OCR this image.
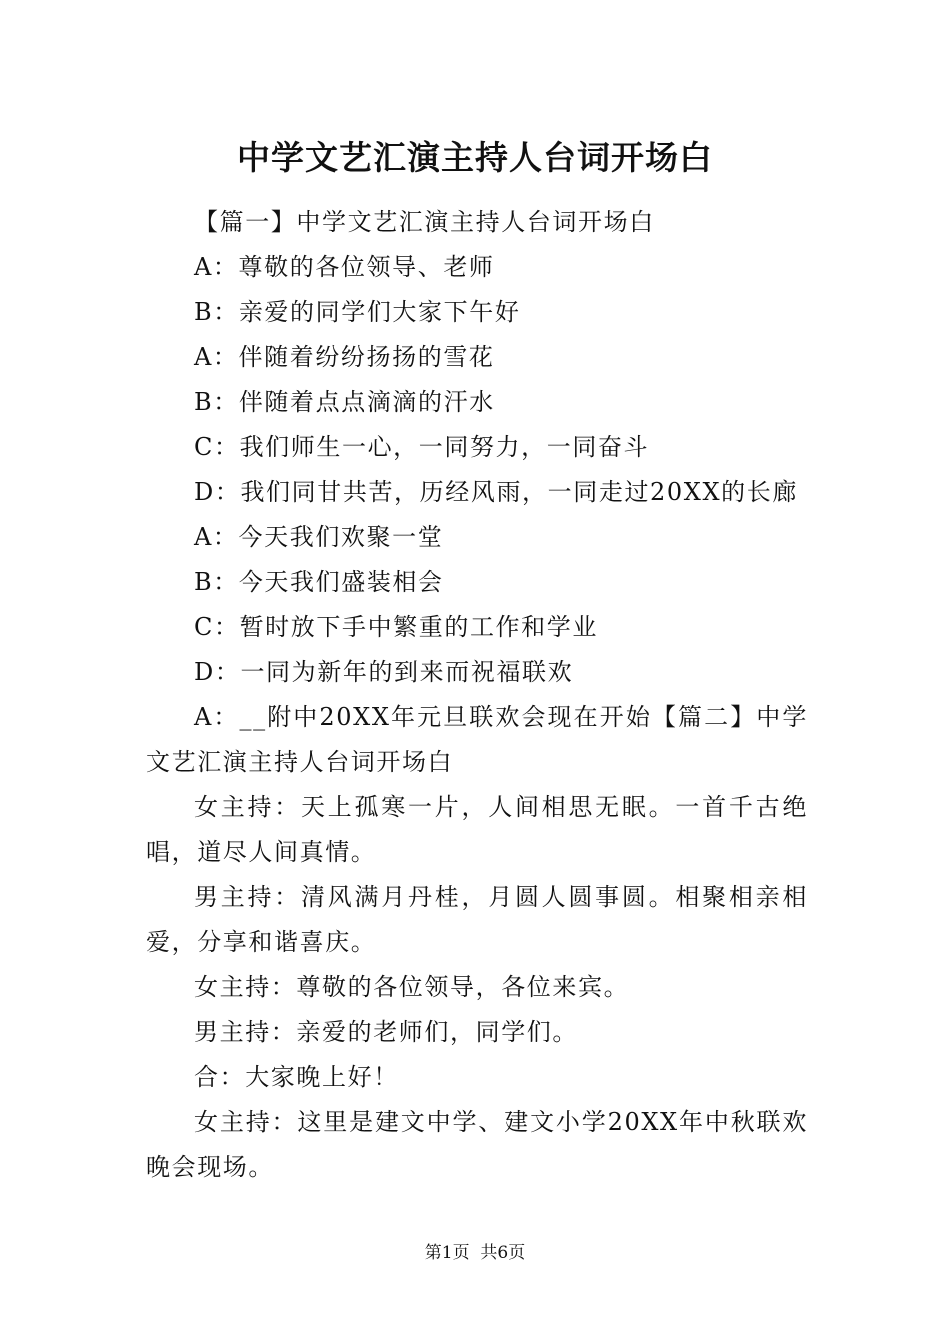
中学文艺汇演主持人台词开场白

【篇一】中学文艺汇演主持人台词开场白

A：尊敬的各位领导、老师

B：亲爱的同学们大家下午好

A：伴随着纷纷扬扬的雪花

B：伴随着点点滴滴的汗水

C：我们师生一心，一同努力，一同奋斗

D：我们同甘共苦，历经风雨，一同走过20XX的长廊

A：今天我们欢聚一堂

B：今天我们盛装相会

C：暂时放下手中繁重的工作和学业

D：一同为新年的到来而祝福联欢

A：__附中20XX年元旦联欢会现在开始【篇二】中学文艺汇演主持人台词开场白

女主持：天上孤寒一片，人间相思无眠。一首千古绝唱，道尽人间真情。

男主持：清风满月丹桂，月圆人圆事圆。相聚相亲相爱，分享和谐喜庆。

女主持：尊敬的各位领导，各位来宾。

男主持：亲爱的老师们，同学们。

合：大家晚上好！

女主持：这里是建文中学、建文小学20XX年中秋联欢晚会现场。

第1页  共6页
